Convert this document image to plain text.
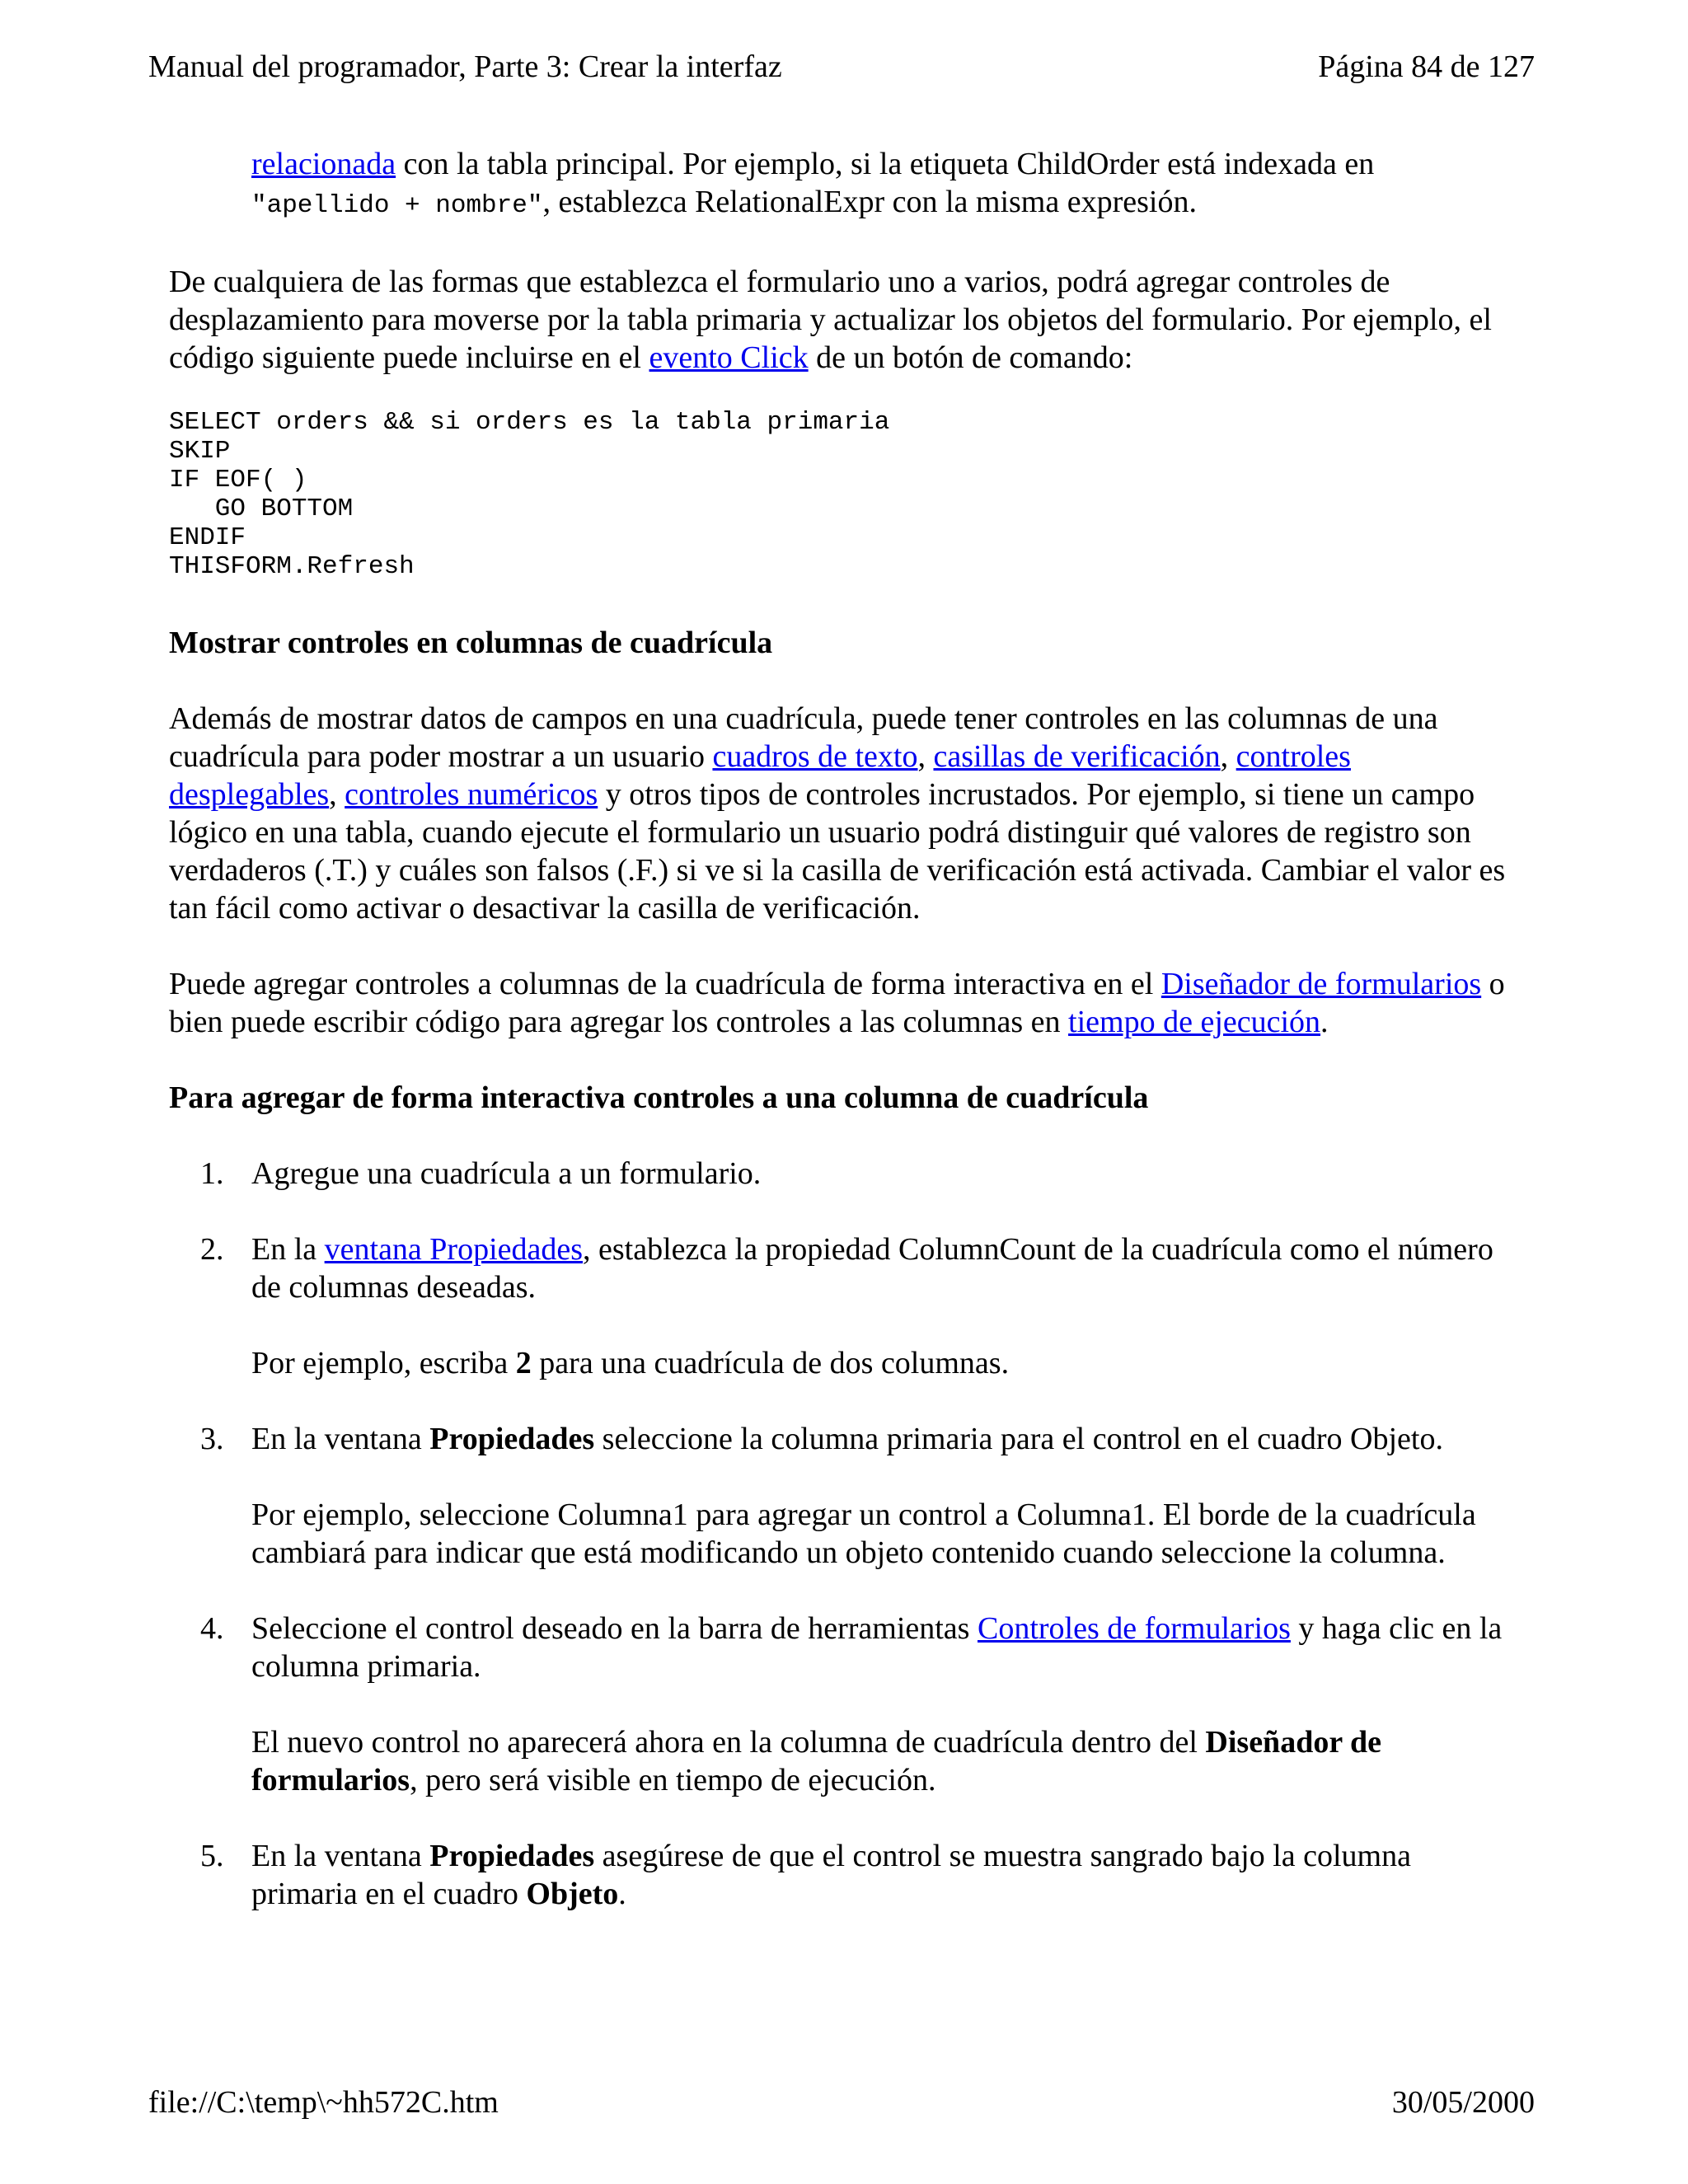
Manual del programador, Parte 3: Crear la interfaz	Página 84 de 127

relacionada con la tabla principal. Por ejemplo, si la etiqueta ChildOrder está indexada en
"apellido + nombre", establezca RelationalExpr con la misma expresión.

De cualquiera de las formas que establezca el formulario uno a varios, podrá agregar controles de desplazamiento para moverse por la tabla primaria y actualizar los objetos del formulario. Por ejemplo, el código siguiente puede incluirse en el evento Click de un botón de comando:

SELECT orders && si orders es la tabla primaria
SKIP
IF EOF( )
GO BOTTOM
ENDIF
THISFORM.Refresh
Mostrar controles en columnas de cuadrícula

Además de mostrar datos de campos en una cuadrícula, puede tener controles en las columnas de una cuadrícula para poder mostrar a un usuario cuadros de texto, casillas de verificación, controles desplegables, controles numéricos y otros tipos de controles incrustados. Por ejemplo, si tiene un campo lógico en una tabla, cuando ejecute el formulario un usuario podrá distinguir qué valores de registro son verdaderos (.T.) y cuáles son falsos (.F.) si ve si la casilla de verificación está activada. Cambiar el valor es tan fácil como activar o desactivar la casilla de verificación.

Puede agregar controles a columnas de la cuadrícula de forma interactiva en el Diseñador de formularios o bien puede escribir código para agregar los controles a las columnas en tiempo de ejecución.

Para agregar de forma interactiva controles a una columna de cuadrícula
1. Agregue una cuadrícula a un formulario.

2. En la ventana Propiedades, establezca la propiedad ColumnCount de la cuadrícula como el número de columnas deseadas.

Por ejemplo, escriba 2 para una cuadrícula de dos columnas.

3. En la ventana Propiedades seleccione la columna primaria para el control en el cuadro Objeto.

Por ejemplo, seleccione Columna1 para agregar un control a Columna1. El borde de la cuadrícula cambiará para indicar que está modificando un objeto contenido cuando seleccione la columna.

4. Seleccione el control deseado en la barra de herramientas Controles de formularios y haga clic en la columna primaria.

El nuevo control no aparecerá ahora en la columna de cuadrícula dentro del Diseñador de formularios, pero será visible en tiempo de ejecución.

5. En la ventana Propiedades asegúrese de que el control se muestra sangrado bajo la columna primaria en el cuadro Objeto.

file://C:\temp\~hh572C.htm	30/05/2000
